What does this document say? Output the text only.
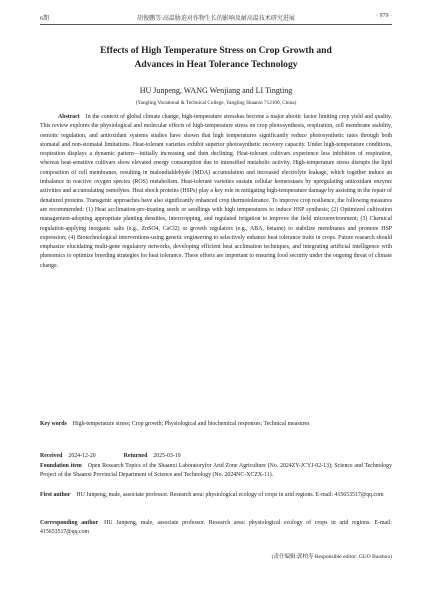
6期	胡俊鹏等:高温胁迫对作物生长的影响及耐高温技术研究进展	· 979 ·
Effects of High Temperature Stress on Crop Growth and
Advances in Heat Tolerance Technology
HU Junpeng, WANG Wenjiang and LI Tingting
(Yangling Vocational & Technical College, Yangling Shaanxi 712100, China)
Abstract In the context of global climate change, high-temperature stresshas become a major abiotic factor limiting crop yield and quality. This review explores the physiological and molecular effects of high-temperature stress on crop photosynthesis, respiration, cell membrane stability, osmotic regulation, and antioxidant systems studies have shown that high temperatures significantly reduce photosynthetic rates through both stomatal and non-stomatal limitations. Heat-tolerant varieties exhibit superior photosynthetic recovery capacity. Under high-temperature conditions, respiration displays a dynamic pattern—initially increasing and then declining. Heat-tolerant cultivars experience less inhibition of respiration, whereas heat-sensitive cultivars show elevated energy consumption due to intensified metabolic activity. High-temperature stress disrupts the lipid composition of cell membranes, resulting in malondialdehyde (MDA) accumulation and increased electrolyte leakage, which together induce an imbalance in reactive oxygen species (ROS) metabolism. Heat-tolerant varieties sustain cellular homeostasis by upregulating antioxidant enzyme activities and accumulating osmolytes. Heat shock proteins (HSPs) play a key role in mitigating high-temperature damage by assisting in the repair of denatured proteins. Transgenic approaches have also significantly enhanced crop thermotolerance. To improve crop resilience, the following measures are recommended: (1) Heat acclimation-pre-treating seeds or seedlings with high temperatures to induce HSP synthesis; (2) Optimized cultivation management-adopting appropriate planting densities, intercropping, and regulated irrigation to improve the field microenvironment; (3) Chemical regulation-applying inorganic salts (e.g., ZnSO4, CaCl2) or growth regulators (e.g., ABA, betaine) to stabilize membranes and promote HSP expression; (4) Biotechnological interventions-using genetic engineering to selectively enhance heat tolerance traits in crops. Future research should emphasize elucidating multi-gene regulatory networks, developing efficient heat acclimation techniques, and integrating artificial intelligence with phenomics to optimize breeding strategies for heat tolerance. These efforts are important to ensuring food security under the ongoing threat of climate change.
Key words High-temperature stress; Crop growth; Physiological and biochemical responses; Technical measures
Received 2024-12-20	Returned 2025-03-19
Foundation item Open Research Topics of the Shaanxi Laboratoryfor Arid Zone Agriculture (No. 2024ZY-JCYJ-02-13); Science and Technology Project of the Shaanxi Provincial Department of Science and Technology (No. 2024NC-XCZX-11).
First author HU Junpeng, male, associate professor. Research area: physiological ecology of crops in arid regions. E-mail: 415653517@qq.com
Corresponding author HU Junpeng, male, associate professor. Research area: physiological ecology of crops in arid regions. E-mail: 415653517@qq.com
(责任编辑:郭柏寿 Responsible editor: GUO Baishou)
